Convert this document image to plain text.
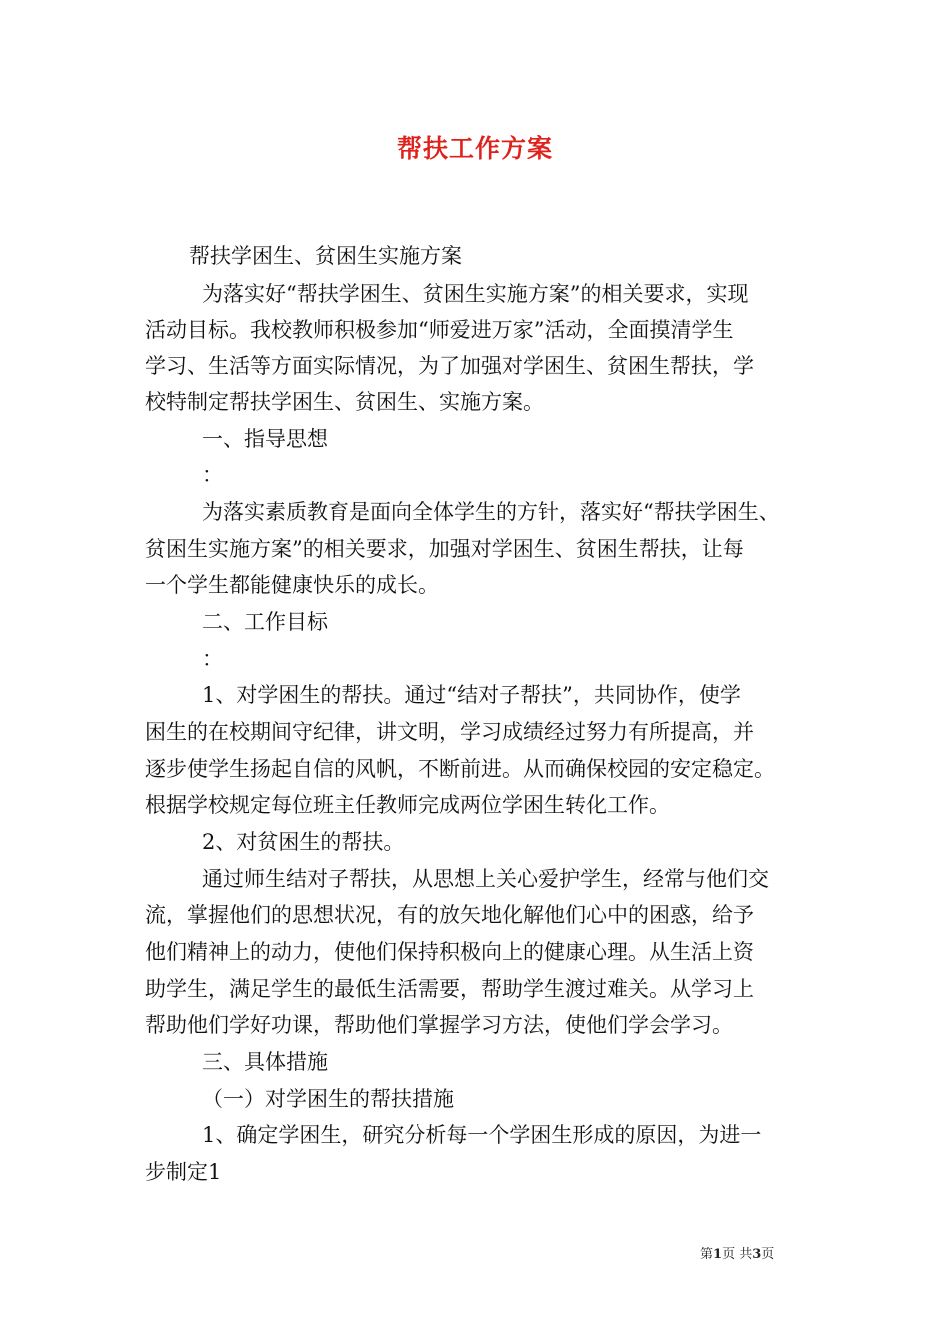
帮扶工作方案
帮扶学困生、贫困生实施方案
为落实好“帮扶学困生、贫困生实施方案”的相关要求，实现
活动目标。我校教师积极参加“师爱进万家”活动，全面摸清学生
学习、生活等方面实际情况，为了加强对学困生、贫困生帮扶，学
校特制定帮扶学困生、贫困生、实施方案。
一、指导思想
：
为落实素质教育是面向全体学生的方针，落实好“帮扶学困生、
贫困生实施方案”的相关要求，加强对学困生、贫困生帮扶，让每
一个学生都能健康快乐的成长。
二、工作目标
：
1、对学困生的帮扶。通过“结对子帮扶”，共同协作，使学
困生的在校期间守纪律，讲文明，学习成绩经过努力有所提高，并
逐步使学生扬起自信的风帆，不断前进。从而确保校园的安定稳定。
根据学校规定每位班主任教师完成两位学困生转化工作。
2、对贫困生的帮扶。
通过师生结对子帮扶，从思想上关心爱护学生，经常与他们交
流，掌握他们的思想状况，有的放矢地化解他们心中的困惑，给予
他们精神上的动力，使他们保持积极向上的健康心理。从生活上资
助学生，满足学生的最低生活需要，帮助学生渡过难关。从学习上
帮助他们学好功课，帮助他们掌握学习方法，使他们学会学习。
三、具体措施
（一）对学困生的帮扶措施
1、确定学困生，研究分析每一个学困生形成的原因，为进一
步制定1
第1页 共3页
